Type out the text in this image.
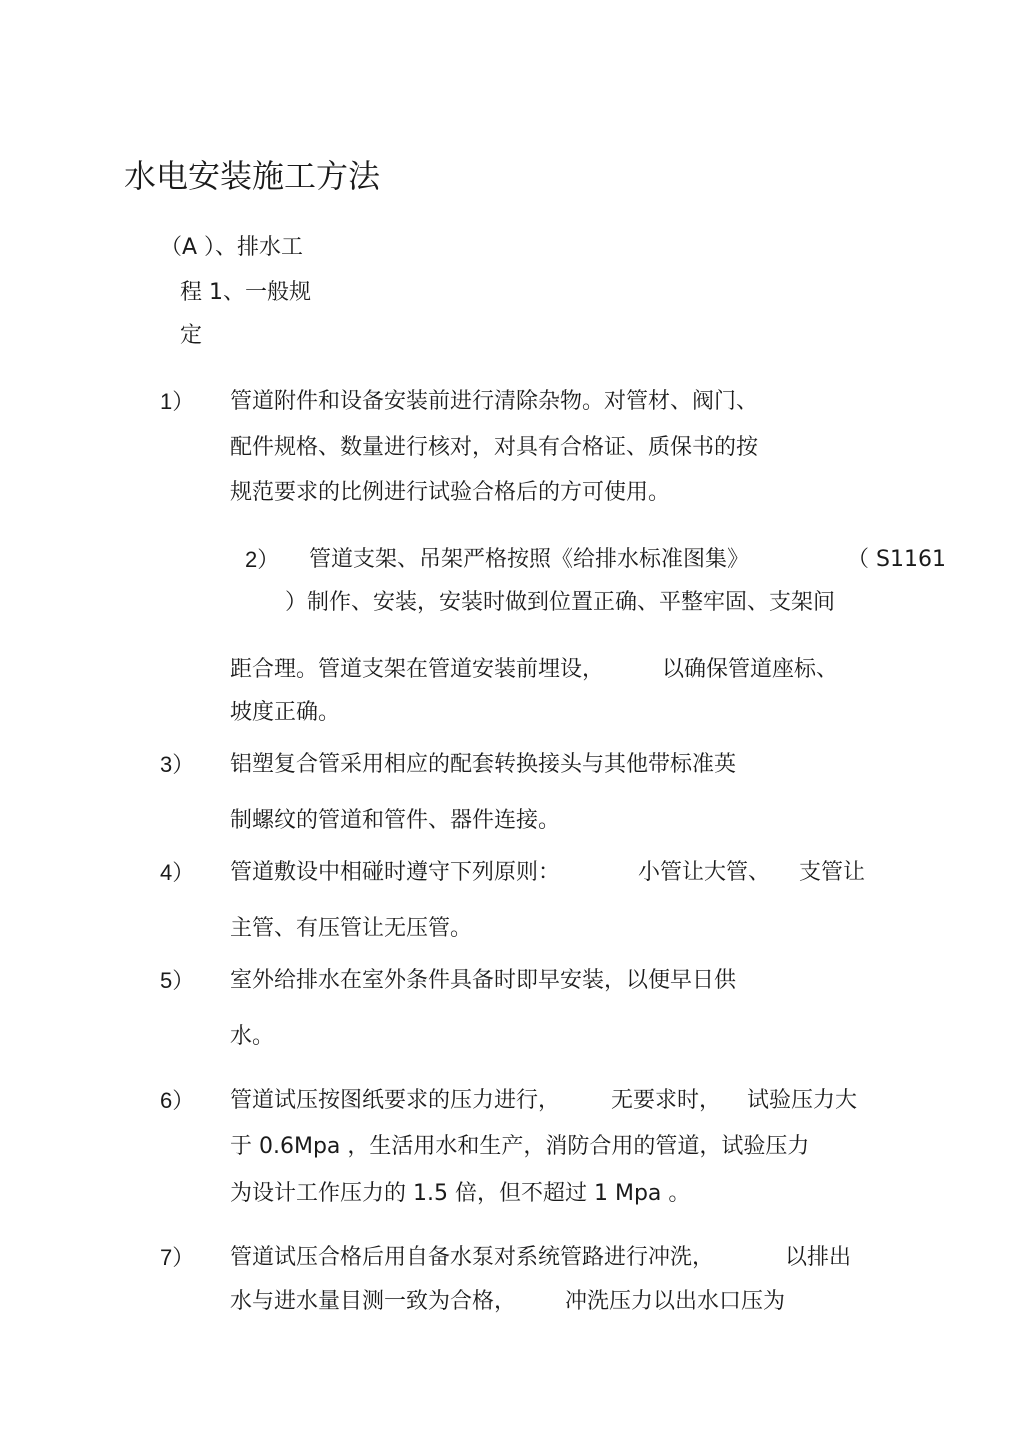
水电安装施工方法
（A ）、排水工
程 1、一般规
定
1） 管道附件和设备安装前进行清除杂物。对管材、阀门、
配件规格、数量进行核对，对具有合格证、质保书的按
规范要求的比例进行试验合格后的方可使用。
2） 管道支架、吊架严格按照《给排水标准图集》	（ S1161
）制作、安装，安装时做到位置正确、平整牢固、支架间
距合理。管道支架在管道安装前埋设，	以确保管道座标、
坡度正确。
3） 铝塑复合管采用相应的配套转换接头与其他带标准英
制螺纹的管道和管件、器件连接。
4） 管道敷设中相碰时遵守下列原则：	小管让大管、 支管让
主管、有压管让无压管。
5） 室外给排水在室外条件具备时即早安装，以便早日供
水。
6） 管道试压按图纸要求的压力进行， 无要求时， 试验压力大
于 0.6Mpa ，生活用水和生产，消防合用的管道，试验压力
为设计工作压力的 1.5 倍，但不超过 1 Mpa 。
7） 管道试压合格后用自备水泵对系统管路进行冲洗，	以排出
水与进水量目测一致为合格， 冲洗压力以出水口压为
